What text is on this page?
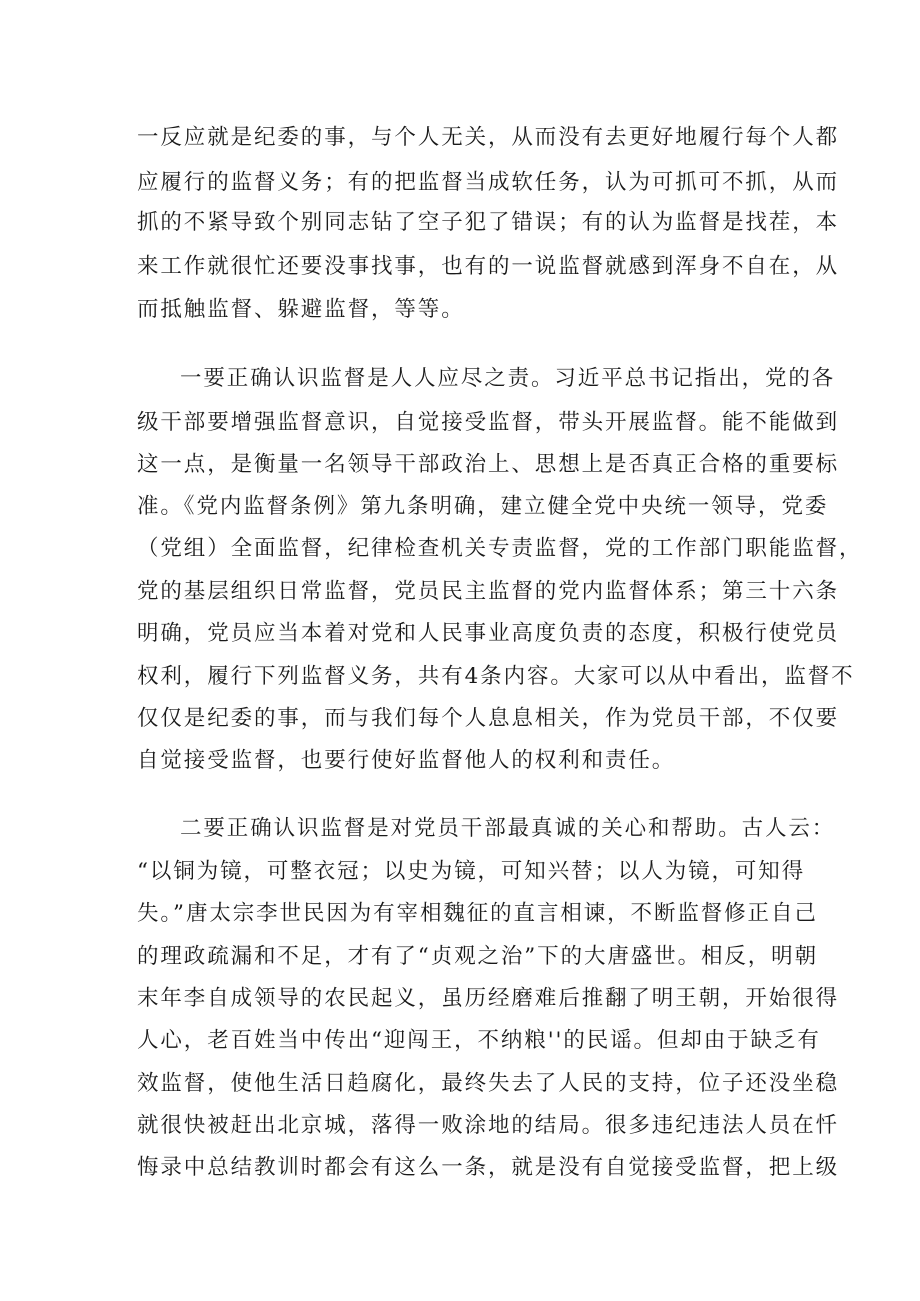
一反应就是纪委的事，与个人无关，从而没有去更好地履行每个人都
应履行的监督义务；有的把监督当成软任务，认为可抓可不抓，从而
抓的不紧导致个别同志钻了空子犯了错误；有的认为监督是找茬，本
来工作就很忙还要没事找事，也有的一说监督就感到浑身不自在，从
而抵触监督、躲避监督，等等。
一要正确认识监督是人人应尽之责。习近平总书记指出，党的各
级干部要增强监督意识，自觉接受监督，带头开展监督。能不能做到
这一点，是衡量一名领导干部政治上、思想上是否真正合格的重要标
准。《党内监督条例》第九条明确，建立健全党中央统一领导，党委
（党组）全面监督，纪律检查机关专责监督，党的工作部门职能监督，
党的基层组织日常监督，党员民主监督的党内监督体系；第三十六条
明确，党员应当本着对党和人民事业高度负责的态度，积极行使党员
权利，履行下列监督义务，共有4条内容。大家可以从中看出，监督不
仅仅是纪委的事，而与我们每个人息息相关，作为党员干部，不仅要
自觉接受监督，也要行使好监督他人的权利和责任。
二要正确认识监督是对党员干部最真诚的关心和帮助。古人云：
“以铜为镜，可整衣冠；以史为镜，可知兴替；以人为镜，可知得
失。”唐太宗李世民因为有宰相魏征的直言相谏，不断监督修正自己
的理政疏漏和不足，才有了“贞观之治”下的大唐盛世。相反，明朝
末年李自成领导的农民起义，虽历经磨难后推翻了明王朝，开始很得
人心，老百姓当中传出“迎闯王，不纳粮''的民谣。但却由于缺乏有
效监督，使他生活日趋腐化，最终失去了人民的支持，位子还没坐稳
就很快被赶出北京城，落得一败涂地的结局。很多违纪违法人员在忏
悔录中总结教训时都会有这么一条，就是没有自觉接受监督，把上级
